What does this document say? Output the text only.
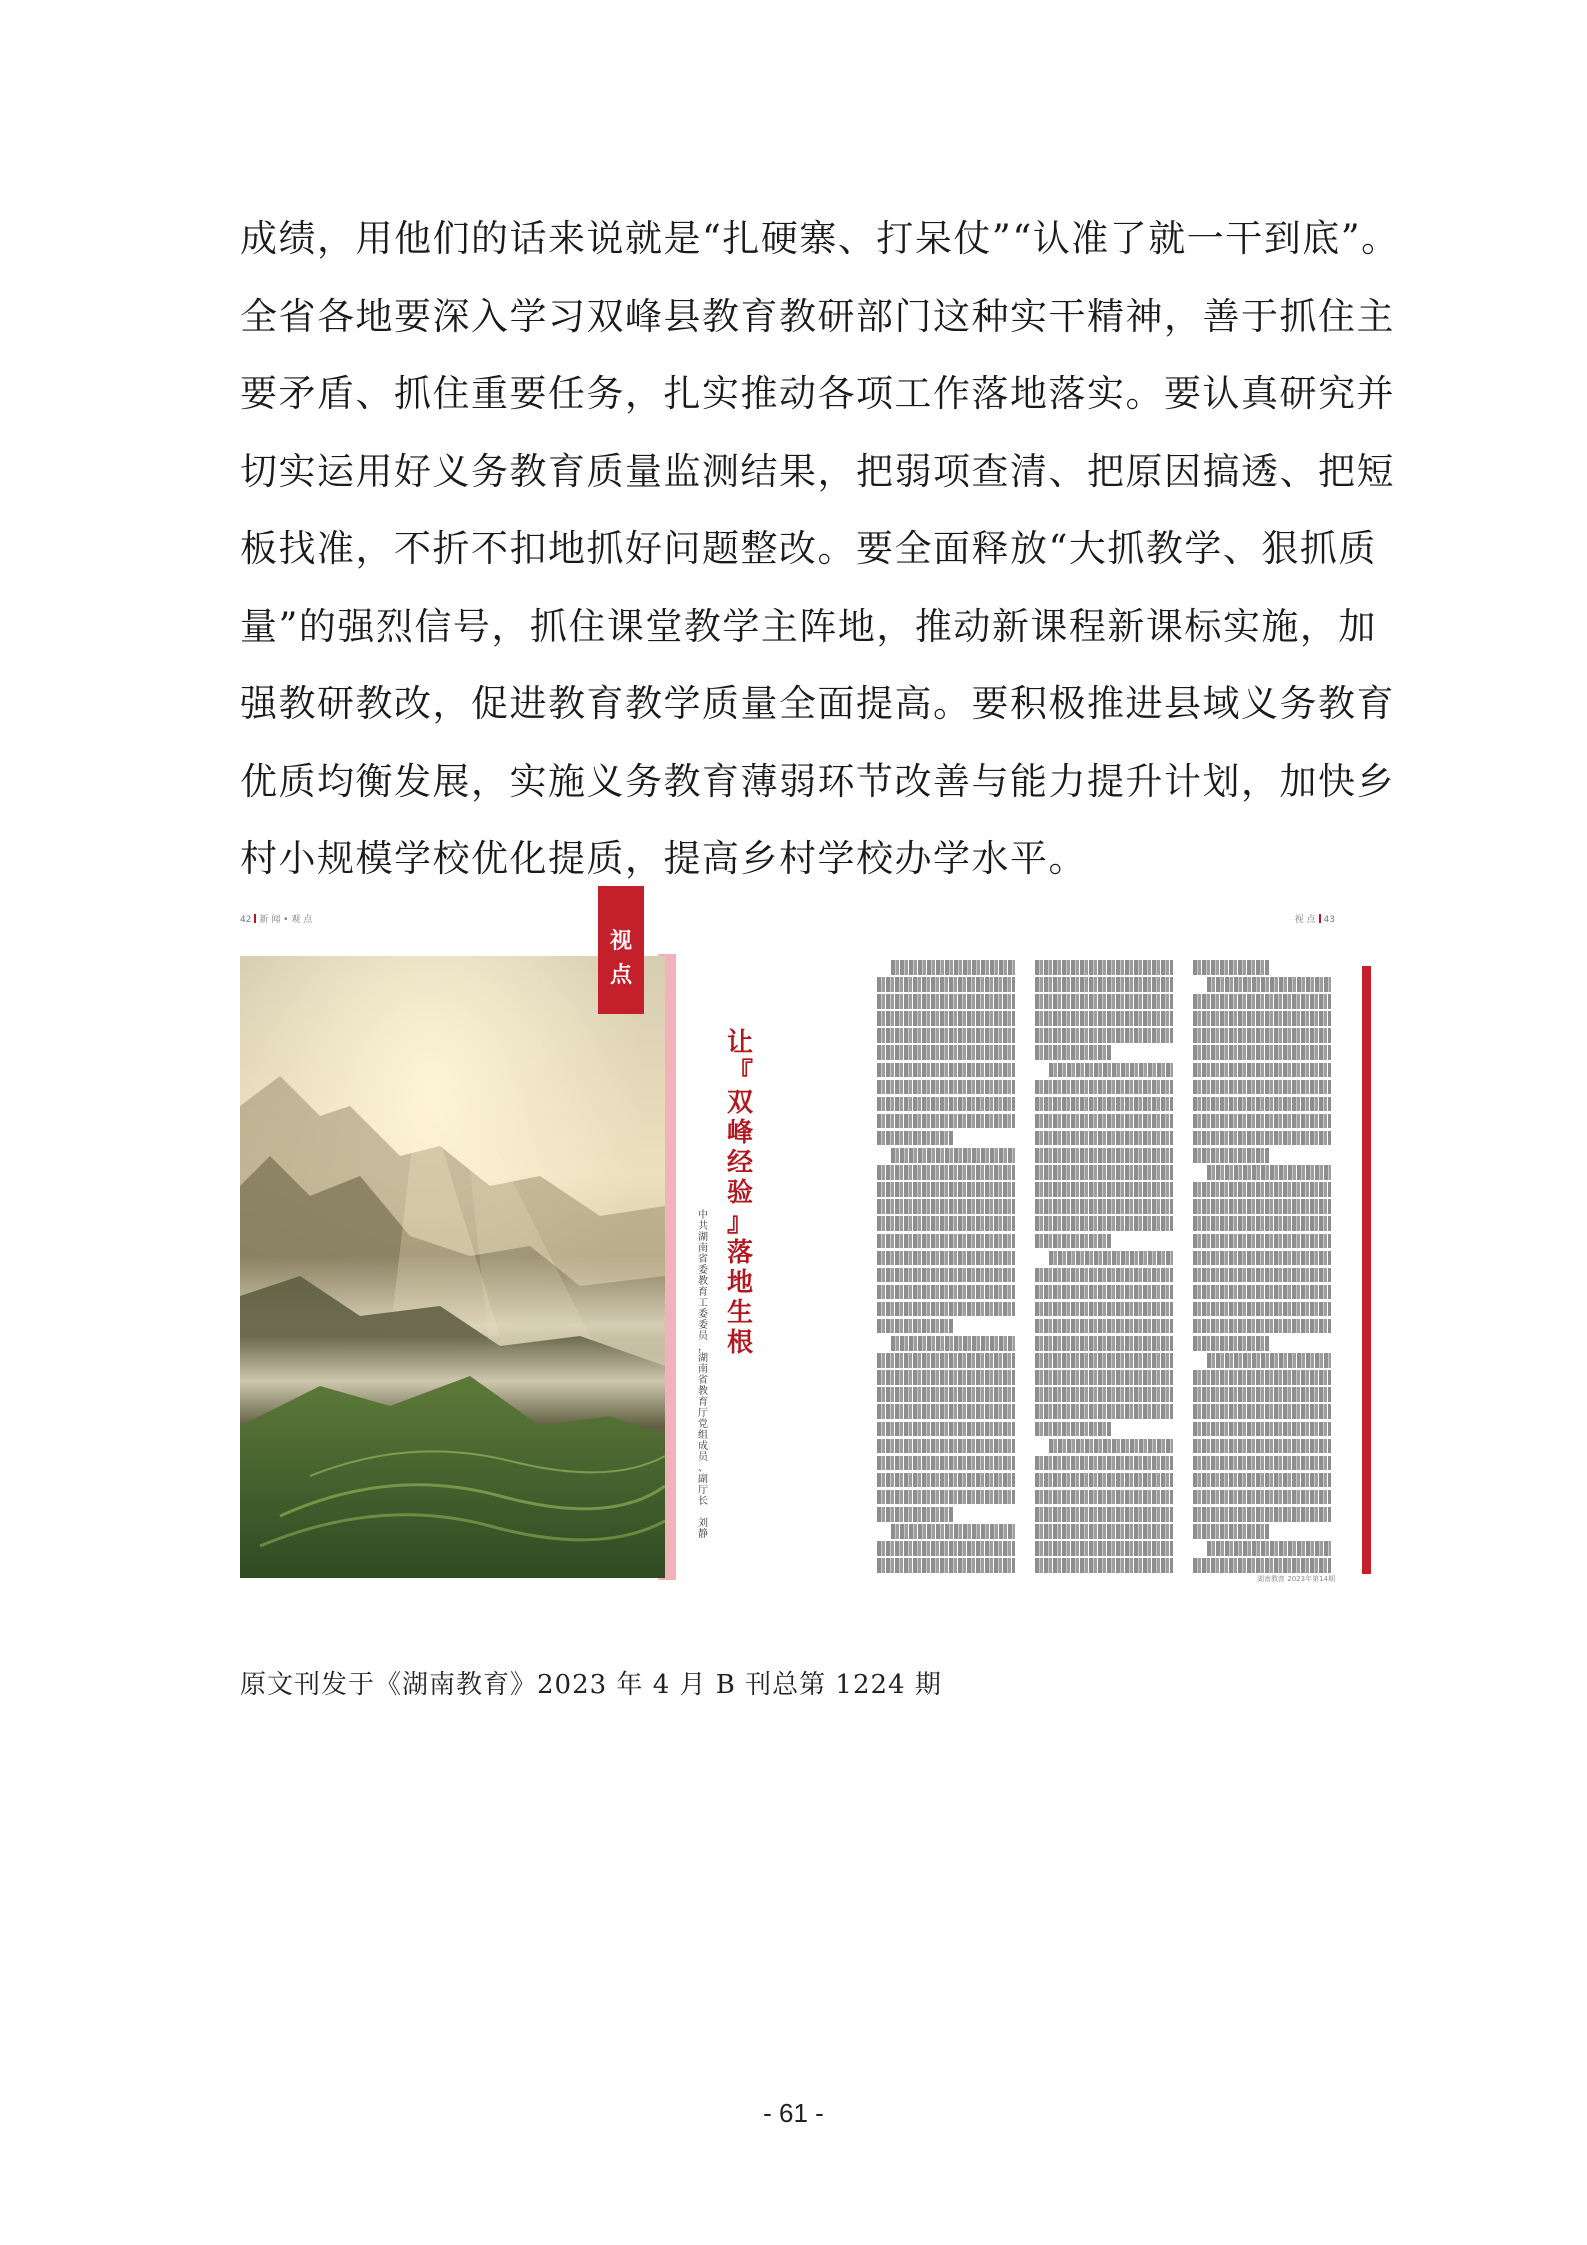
成绩，用他们的话来说就是“扎硬寨、打呆仗”“认准了就一干到底”。

全省各地要深入学习双峰县教育教研部门这种实干精神，善于抓住主

要矛盾、抓住重要任务，扎实推动各项工作落地落实。要认真研究并

切实运用好义务教育质量监测结果，把弱项查清、把原因搞透、把短

板找准，不折不扣地抓好问题整改。要全面释放“大抓教学、狠抓质

量”的强烈信号，抓住课堂教学主阵地，推动新课程新课标实施，加

强教研教改，促进教育教学质量全面提高。要积极推进县域义务教育

优质均衡发展，实施义务教育薄弱环节改善与能力提升计划，加快乡

村小规模学校优化提质，提高乡村学校办学水平。

42 新 闻 • 观 点
视
点
让
『
双
峰
经
验
』
落
地
生
根
中
共
湖
南
省
委
教
育
工
委
委
员
，
湖
南
省
教
育
厅
党
组
成
员
、
副
厅
长

刘
静
视 点 43
湖南教育 2023年第14期
原文刊发于《湖南教育》2023 年 4 月 B 刊总第 1224 期
- 61 -
